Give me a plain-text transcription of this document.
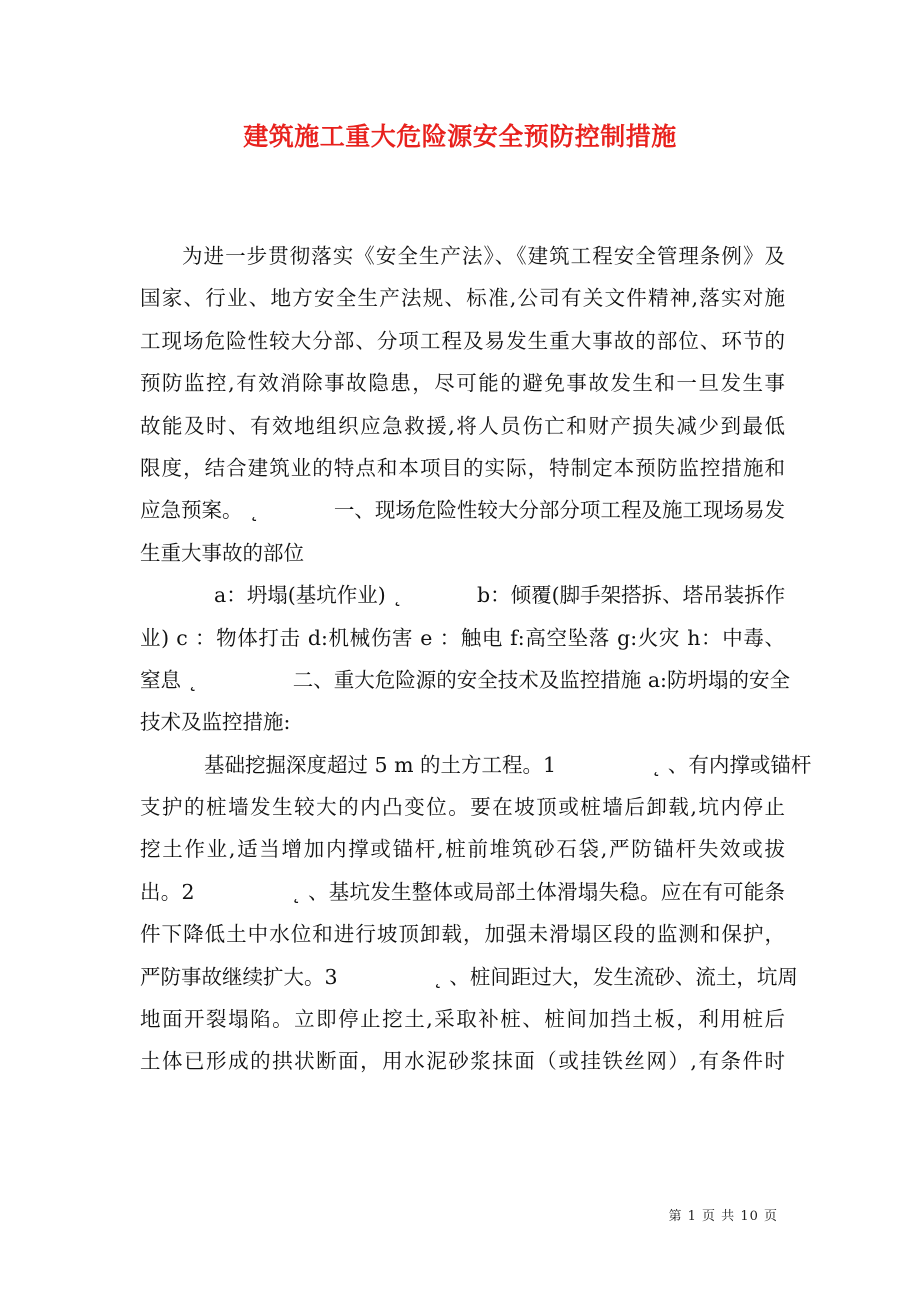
建筑施工重大危险源安全预防控制措施
为进一步贯彻落实《安全生产法》、《建筑工程安全管理条例》及
国家、行业、地方安全生产法规、标准,公司有关文件精神,落实对施
工现场危险性较大分部、分项工程及易发生重大事故的部位、环节的
预防监控,有效消除事故隐患，尽可能的避免事故发生和一旦发生事
故能及时、有效地组织应急救援,将人员伤亡和财产损失减少到最低
限度，结合建筑业的特点和本项目的实际，特制定本预防监控措施和
应急预案。 ˛ 　　　 一、现场危险性较大分部分项工程及施工现场易发
生重大事故的部位
a：坍塌(基坑作业) ˛ 　　　 b：倾覆(脚手架搭拆、塔吊装拆作
业) c ：物体打击 d:机械伤害 e ：触电 f:高空坠落 g:火灾 h：中毒、
窒息 ˛ 　　　　 二、重大危险源的安全技术及监控措施 a:防坍塌的安全
技术及监控措施:
基础挖掘深度超过 5 m 的土方工程。1 　　　　 ˛ 、有内撑或锚杆
支护的桩墙发生较大的内凸变位。要在坡顶或桩墙后卸载,坑内停止
挖土作业,适当增加内撑或锚杆,桩前堆筑砂石袋,严防锚杆失效或拔
出。2 　　　　 ˛ 、基坑发生整体或局部土体滑塌失稳。应在有可能条
件下降低土中水位和进行坡顶卸载，加强未滑塌区段的监测和保护，
严防事故继续扩大。3 　　　　 ˛ 、桩间距过大，发生流砂、流土，坑周
地面开裂塌陷。立即停止挖土,采取补桩、桩间加挡土板，利用桩后
土体已形成的拱状断面，用水泥砂浆抹面（或挂铁丝网）,有条件时
第 1 页 共 10 页
